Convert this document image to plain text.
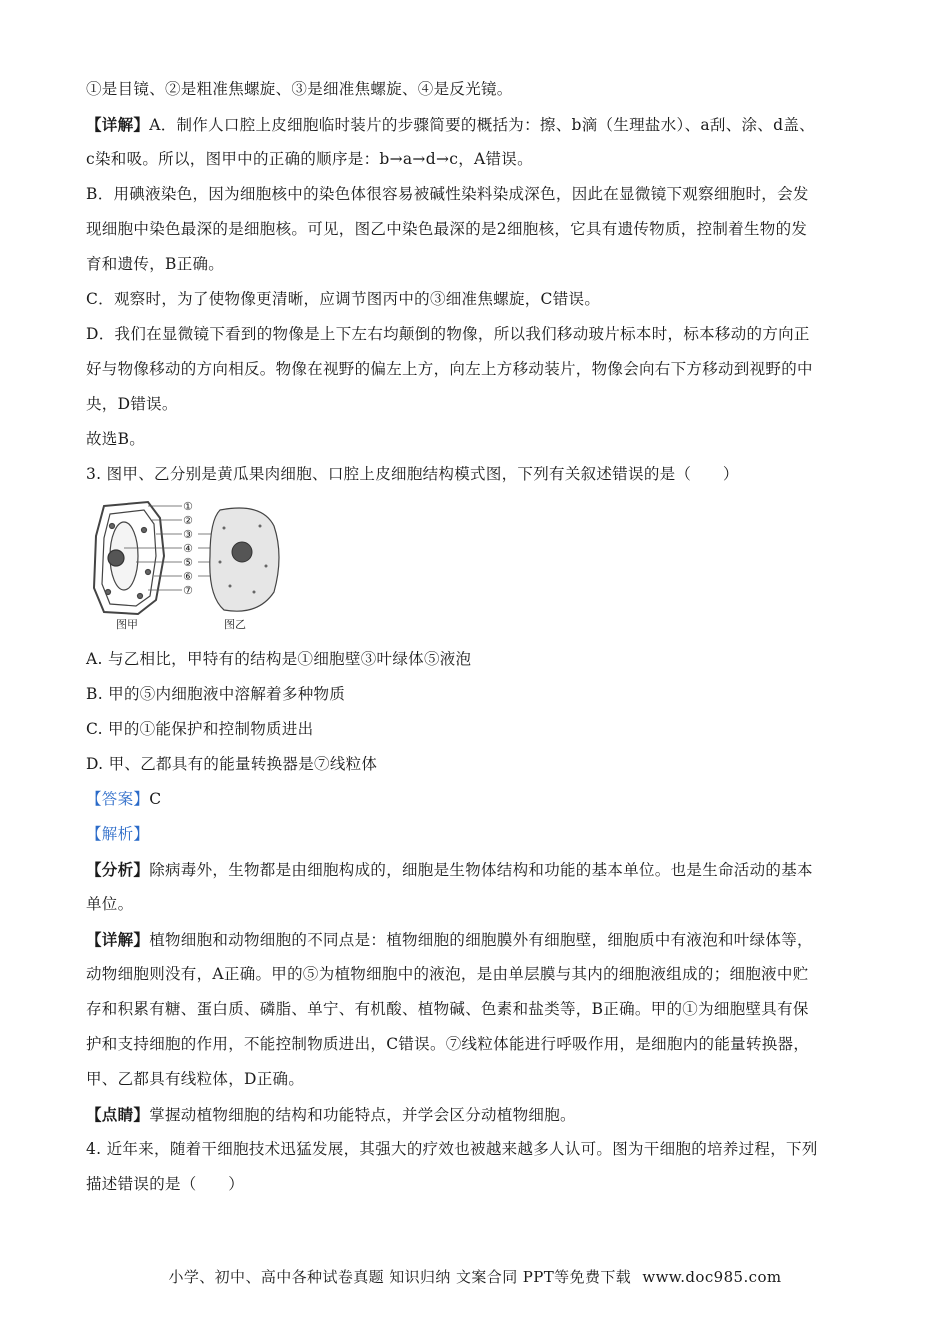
①是目镜、②是粗准焦螺旋、③是细准焦螺旋、④是反光镜。
【详解】A．制作人口腔上皮细胞临时装片的步骤简要的概括为：擦、b滴（生理盐水）、a刮、涂、d盖、
c染和吸。所以，图甲中的正确的顺序是：b→a→d→c，A错误。
B．用碘液染色，因为细胞核中的染色体很容易被碱性染料染成深色，因此在显微镜下观察细胞时，会发
现细胞中染色最深的是细胞核。可见，图乙中染色最深的是2细胞核，它具有遗传物质，控制着生物的发
育和遗传，B正确。
C．观察时，为了使物像更清晰，应调节图丙中的③细准焦螺旋，C错误。
D．我们在显微镜下看到的物像是上下左右均颠倒的物像，所以我们移动玻片标本时，标本移动的方向正
好与物像移动的方向相反。物像在视野的偏左上方，向左上方移动装片，物像会向右下方移动到视野的中
央，D错误。
故选B。
3. 图甲、乙分别是黄瓜果肉细胞、口腔上皮细胞结构模式图，下列有关叙述错误的是（　　）
①
②
③
④
⑤
⑥
⑦
图甲	图乙
A. 与乙相比，甲特有的结构是①细胞壁③叶绿体⑤液泡
B. 甲的⑤内细胞液中溶解着多种物质
C. 甲的①能保护和控制物质进出
D. 甲、乙都具有的能量转换器是⑦线粒体
【答案】C
【解析】
【分析】除病毒外，生物都是由细胞构成的，细胞是生物体结构和功能的基本单位。也是生命活动的基本
单位。
【详解】植物细胞和动物细胞的不同点是：植物细胞的细胞膜外有细胞壁，细胞质中有液泡和叶绿体等，
动物细胞则没有，A正确。甲的⑤为植物细胞中的液泡，是由单层膜与其内的细胞液组成的；细胞液中贮
存和积累有糖、蛋白质、磷脂、单宁、有机酸、植物碱、色素和盐类等，B正确。甲的①为细胞壁具有保
护和支持细胞的作用，不能控制物质进出，C错误。⑦线粒体能进行呼吸作用，是细胞内的能量转换器，
甲、乙都具有线粒体，D正确。
【点睛】掌握动植物细胞的结构和功能特点，并学会区分动植物细胞。
4. 近年来，随着干细胞技术迅猛发展，其强大的疗效也被越来越多人认可。图为干细胞的培养过程，下列
描述错误的是（　　）
小学、初中、高中各种试卷真题 知识归纳 文案合同 PPT等免费下载 www.doc985.com
